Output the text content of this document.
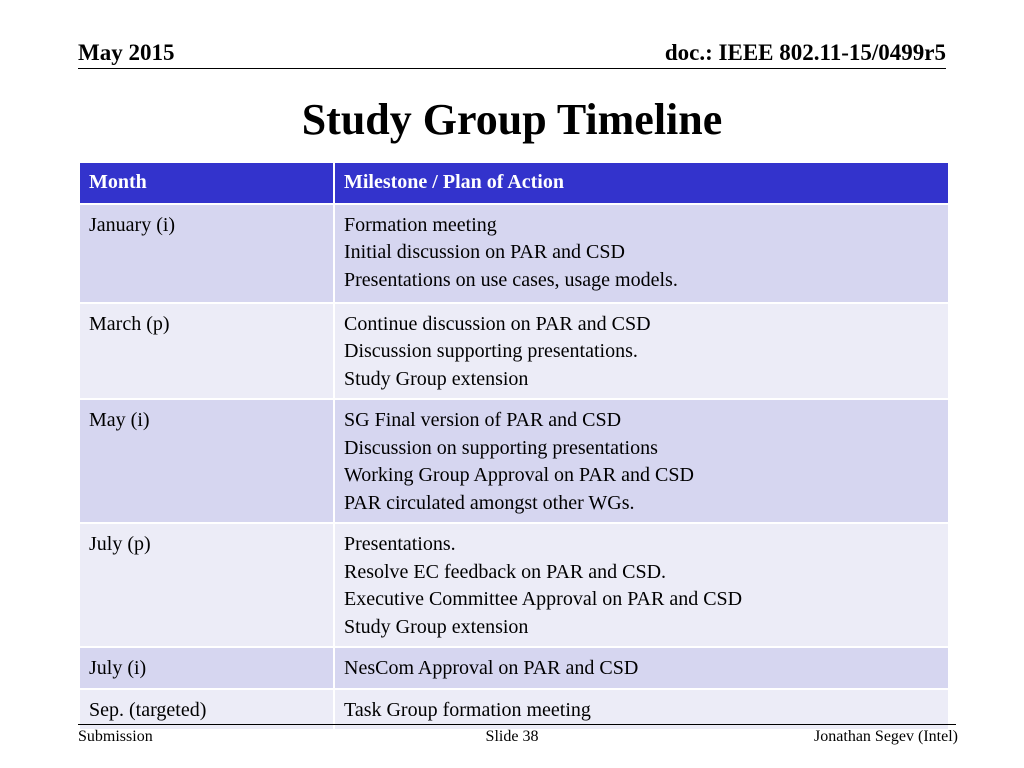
May 2015	doc.: IEEE 802.11-15/0499r5
Study Group Timeline
Month	Milestone / Plan of Action
January (i)	Formation meeting
Initial discussion on PAR and CSD
Presentations on use cases, usage models.

March (p)	Continue discussion on PAR and CSD
Discussion supporting presentations.
Study Group extension

May (i)	SG Final version of PAR and CSD
Discussion on supporting presentations
Working Group Approval on PAR and CSD
PAR circulated amongst other WGs.

July (p)	Presentations.
Resolve EC feedback on PAR and CSD.
Executive Committee Approval on PAR and CSD
Study Group extension

July (i)	NesCom Approval on PAR and CSD

Sep. (targeted)	Task Group formation meeting
Submission	Slide 38	Jonathan Segev (Intel)
